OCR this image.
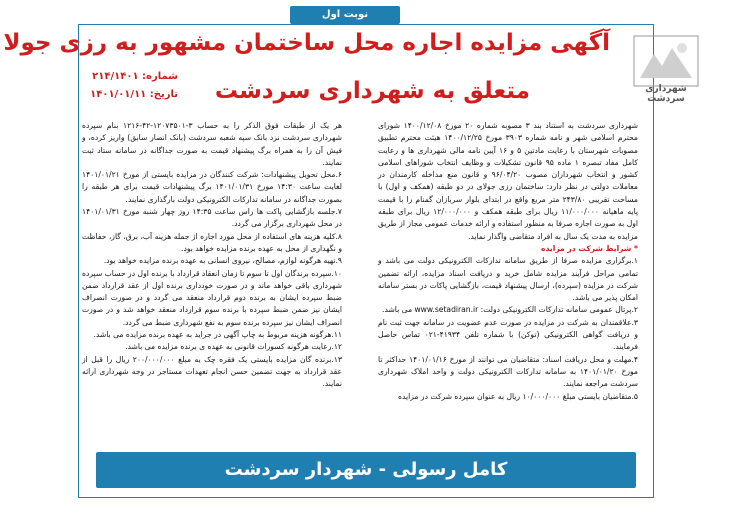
نوبت اول
شهرداری سردشت
آگهی مزایده اجاره محل ساختمان مشهور به رزی جولا
متعلق به شهرداری سردشت
شماره: ۲۱۴/۱۴۰۱
تاریخ: ۱۴۰۱/۰۱/۱۱

شهرداری سردشت به استناد بند ۳ مصوبه شماره ۲۰ مورخ ۱۴۰۰/۱۲/۰۸ شورای محترم اسلامی شهر و نامه شماره ۳۹۰۳ مورخ ۱۴۰۰/۱۲/۲۵ هیئت محترم تطبیق مصوبات شهرستان با رعایت مادتین ۵ و ۱۶ آیین نامه مالی شهرداری ها و رعایت کامل مفاد تبصره ۱ ماده ۹۵ قانون تشکیلات و وظایف انتخاب شوراهای اسلامی کشور و انتخاب شهرداران مصوب ۹۶/۰۴/۲۰ و قانون منع مداخله کارمندان در معاملات دولتی در نظر دارد: ساختمان رزی جولای در دو طبقه (همکف و اول) با مساحت تقریبی ۲۴۳/۸۰ متر مربع واقع در ابتدای بلوار سربازان گمنام را با قیمت پایه ماهیانه ۱۱/۰۰۰/۰۰۰ ریال برای طبقه همکف و ۱۲/۰۰۰/۰۰۰ ریال برای طبقه اول به صورت اجاره صرفا به منظور استفاده و ارائه خدمات عمومی مجاز از طریق مزایده به مدت یک سال به افراد متقاضی واگذار نماید.

* شرایط شرکت در مزایده

۱.برگزاری مزایده صرفا از طریق سامانه تدارکات الکترونیکی دولت می باشد و تمامی مراحل فرآیند مزایده شامل خرید و دریافت اسناد مزایده، ارائه تضمین شرکت در مزایده (سپرده)، ارسال پیشنهاد قیمت، بازگشایی پاکات در بستر سامانه امکان پذیر می باشد.

۲.پرتال عمومی سامانه تدارکات الکترونیکی دولت: www.setadiran.ir می باشد.

۳.علاقمندان به شرکت در مزایده در صورت عدم عضویت در سامانه جهت ثبت نام و دریافت گواهی الکترونیکی (توکن) با شماره تلفن ۴۱۹۳۴-۰۲۱ تماس حاصل فرمایند.

۴.مهلت و محل دریافت اسناد: متقاضیان می توانند از مورخ ۱۴۰۱/۰۱/۱۶ حداکثر تا مورخ ۱۴۰۱/۰۱/۲۰ به سامانه تدارکات الکترونیکی دولت و واحد املاک شهرداری سردشت مراجعه نمایند.

۵.متقاضیان بایستی مبلغ ۱۰/۰۰۰/۰۰۰ ریال به عنوان سپرده شرکت در مزایده

هر یک از طبقات فوق الذکر را به حساب ۳-۱۲۰۷۳۵۰۱-۴۲-۱۲۱۶ بنام سپرده شهرداری سردشت نزد بانک سپه شعبه سردشت (بانک انصار سابق) واریز کرده، و فیش آن را به همراه برگ پیشنهاد قیمت به صورت جداگانه در سامانه ستاد ثبت نمایند.

۶.محل تحویل پیشنهادات: شرکت کنندگان در مزایده بایستی از مورخ ۱۴۰۱/۰۱/۲۱ لغایت ساعت ۱۴:۳۰ مورخ ۱۴۰۱/۰۱/۳۱ برگ پیشنهادات قیمت برای هر طبقه را بصورت جداگانه در سامانه تدارکات الکترونیکی دولت بارگذاری نمایند.

۷.جلسه بازگشایی پاکت ها راس ساعت ۱۴:۳۵ روز چهار شنبه مورخ ۱۴۰۱/۰۱/۳۱ در محل شهرداری برگزار می گردد.

۸.کلیه هزینه های استفاده از محل مورد اجاره از جمله هزینه آب، برق، گاز، حفاظت و نگهداری از محل به عهده برنده مزایده خواهد بود.

۹.تهیه هرگونه لوازم، مصالح، نیروی انسانی به عهده برنده مزایده خواهد بود.

۱۰.سپرده برندگان اول تا سوم تا زمان انعقاد قرارداد با برنده اول در حساب سپرده شهرداری باقی خواهد ماند و در صورت خودداری برنده اول از عقد قرارداد ضمن ضبط سپرده ایشان به برنده دوم قرارداد منعقد می گردد و در صورت انصراف ایشان نیز ضمن ضبط سپرده با برنده سوم قرارداد منعقد خواهد شد و در صورت انصراف ایشان نیز سپرده برنده سوم به نفع شهرداری ضبط می گردد.

۱۱.هرگونه هزینه مربوط به چاپ آگهی در جراید به عهده برنده مزایده می باشد.

۱۲.رعایت هرگونه کسورات قانونی به عهده ی برنده مزایده می باشد.

۱۳.برنده گان مزایده بایستی یک فقره چک به مبلغ ۲۰۰/۰۰۰/۰۰۰ ریال را قبل از عقد قرارداد به جهت تضمین حسن انجام تعهدات مستاجر در وجه شهرداری ارائه نمایند.

کامل رسولی - شهردار سردشت
